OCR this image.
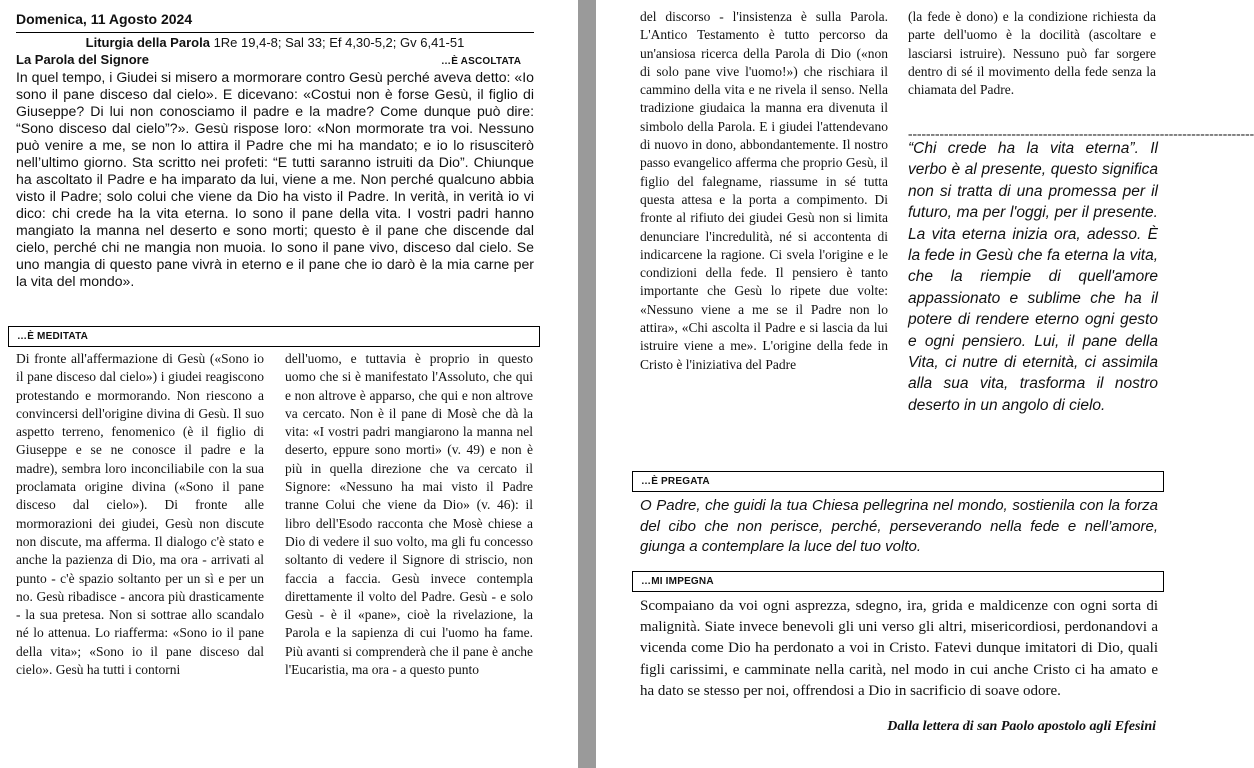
Domenica, 11 Agosto 2024
Liturgia della Parola 1Re 19,4-8; Sal 33; Ef 4,30-5,2; Gv 6,41-51
La Parola del Signore	…È ASCOLTATA
In quel tempo, i Giudei si misero a mormorare contro Gesù perché aveva detto: «Io sono il pane disceso dal cielo». E dicevano: «Costui non è forse Gesù, il figlio di Giuseppe? Di lui non conosciamo il padre e la madre? Come dunque può dire: “Sono disceso dal cielo”?». Gesù rispose loro: «Non mormorate tra voi. Nessuno può venire a me, se non lo attira il Padre che mi ha mandato; e io lo risusciterò nell’ultimo giorno. Sta scritto nei profeti: “E tutti saranno istruiti da Dio”. Chiunque ha ascoltato il Padre e ha imparato da lui, viene a me. Non perché qualcuno abbia visto il Padre; solo colui che viene da Dio ha visto il Padre. In verità, in verità io vi dico: chi crede ha la vita eterna. Io sono il pane della vita. I vostri padri hanno mangiato la manna nel deserto e sono morti; questo è il pane che discende dal cielo, perché chi ne mangia non muoia. Io sono il pane vivo, disceso dal cielo. Se uno mangia di questo pane vivrà in eterno e il pane che io darò è la mia carne per la vita del mondo».
…È MEDITATA
Di fronte all'affermazione di Gesù («Sono io il pane disceso dal cielo») i giudei reagiscono protestando e mormorando. Non riescono a convincersi dell'origine divina di Gesù. Il suo aspetto terreno, fenomenico (è il figlio di Giuseppe e se ne conosce il padre e la madre), sembra loro inconciliabile con la sua proclamata origine divina («Sono il pane disceso dal cielo»). Di fronte alle mormorazioni dei giudei, Gesù non discute non discute, ma afferma. Il dialogo c'è stato e anche la pazienza di Dio, ma ora - arrivati al punto - c'è spazio soltanto per un sì e per un no. Gesù ribadisce - ancora più drasticamente - la sua pretesa. Non si sottrae allo scandalo né lo attenua. Lo riafferma: «Sono io il pane della vita»; «Sono io il pane disceso dal cielo». Gesù ha tutti i contorni
dell'uomo, e tuttavia è proprio in questo uomo che si è manifestato l'Assoluto, che qui e non altrove è apparso, che qui e non altrove va cercato. Non è il pane di Mosè che dà la vita: «I vostri padri mangiarono la manna nel deserto, eppure sono morti» (v. 49) e non è più in quella direzione che va cercato il Signore: «Nessuno ha mai visto il Padre tranne Colui che viene da Dio» (v. 46): il libro dell'Esodo racconta che Mosè chiese a Dio di vedere il suo volto, ma gli fu concesso soltanto di vedere il Signore di striscio, non faccia a faccia. Gesù invece contempla direttamente il volto del Padre. Gesù - e solo Gesù - è il «pane», cioè la rivelazione, la Parola e la sapienza di cui l'uomo ha fame. Più avanti si comprenderà che il pane è anche l'Eucaristia, ma ora - a questo punto
del discorso - l'insistenza è sulla Parola. L'Antico Testamento è tutto percorso da un'ansiosa ricerca della Parola di Dio («non di solo pane vive l'uomo!») che rischiara il cammino della vita e ne rivela il senso. Nella tradizione giudaica la manna era divenuta il simbolo della Parola. E i giudei l'attendevano di nuovo in dono, abbondantemente. Il nostro passo evangelico afferma che proprio Gesù, il figlio del falegname, riassume in sé tutta questa attesa e la porta a compimento. Di fronte al rifiuto dei giudei Gesù non si limita denunciare l'incredulità, né si accontenta di indicarcene la ragione. Ci svela l'origine e le condizioni della fede. Il pensiero è tanto importante che Gesù lo ripete due volte: «Nessuno viene a me se il Padre non lo attira», «Chi ascolta il Padre e si lascia da lui istruire viene a me». L'origine della fede in Cristo è l'iniziativa del Padre
(la fede è dono) e la condizione richiesta da parte dell'uomo è la docilità (ascoltare e lasciarsi istruire). Nessuno può far sorgere dentro di sé il movimento della fede senza la chiamata del Padre.
-----------------------------------------------------------------------------
“Chi crede ha la vita eterna”. Il verbo è al presente, questo significa non si tratta di una promessa per il futuro, ma per l'oggi, per il presente. La vita eterna inizia ora, adesso. È la fede in Gesù che fa eterna la vita, che la riempie di quell'amore appassionato e sublime che ha il potere di rendere eterno ogni gesto e ogni pensiero. Lui, il pane della Vita, ci nutre di eternità, ci assimila alla sua vita, trasforma il nostro deserto in un angolo di cielo.
…È PREGATA
O Padre, che guidi la tua Chiesa pellegrina nel mondo, sostienila con la forza del cibo che non perisce, perché, perseverando nella fede e nell’amore, giunga a contemplare la luce del tuo volto.
…MI IMPEGNA
Scompaiano da voi ogni asprezza, sdegno, ira, grida e maldicenze con ogni sorta di malignità. Siate invece benevoli gli uni verso gli altri, misericordiosi, perdonandovi a vicenda come Dio ha perdonato a voi in Cristo. Fatevi dunque imitatori di Dio, quali figli carissimi, e camminate nella carità, nel modo in cui anche Cristo ci ha amato e ha dato se stesso per noi, offrendosi a Dio in sacrificio di soave odore.
Dalla lettera di san Paolo apostolo agli Efesini
